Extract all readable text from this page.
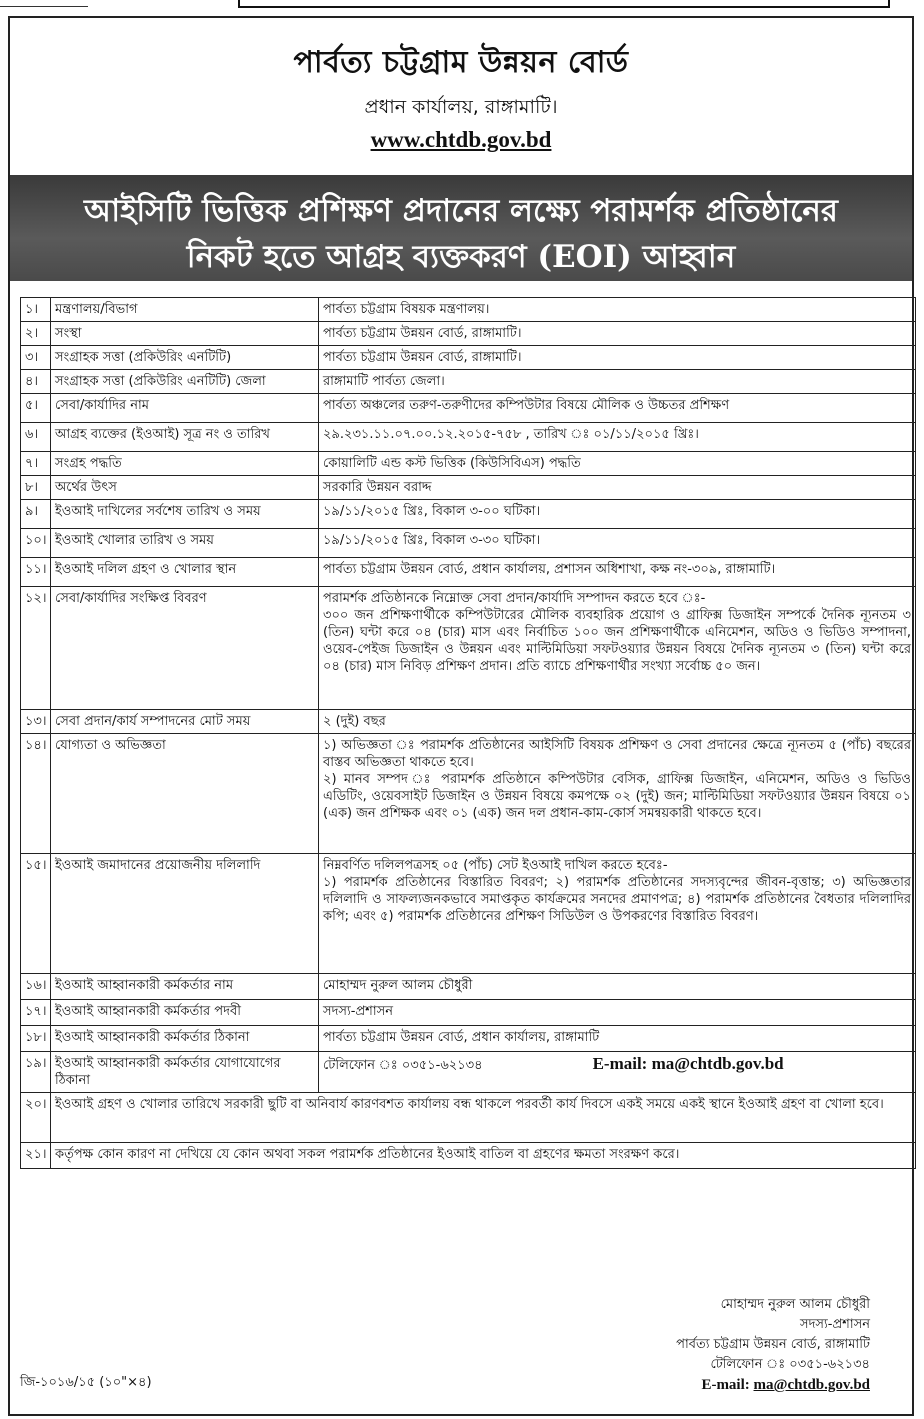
পার্বত্য চট্টগ্রাম উন্নয়ন বোর্ড
প্রধান কার্যালয়, রাঙ্গামাটি।
www.chtdb.gov.bd
আইসিটি ভিত্তিক প্রশিক্ষণ প্রদানের লক্ষ্যে পরামর্শক প্রতিষ্ঠানের
নিকট হতে আগ্রহ ব্যক্তকরণ (EOI) আহ্বান
১।	মন্ত্রণালয়/বিভাগ	পার্বত্য চট্টগ্রাম বিষয়ক মন্ত্রণালয়।

২।	সংস্থা	পার্বত্য চট্টগ্রাম উন্নয়ন বোর্ড, রাঙ্গামাটি।

৩।	সংগ্রাহক সত্তা (প্রকিউরিং এনটিটি)	পার্বত্য চট্টগ্রাম উন্নয়ন বোর্ড, রাঙ্গামাটি।

৪।	সংগ্রাহক সত্তা (প্রকিউরিং এনটিটি) জেলা	রাঙ্গামাটি পার্বত্য জেলা।

৫।	সেবা/কার্যাদির নাম	পার্বত্য অঞ্চলের তরুণ-তরুণীদের কম্পিউটার বিষয়ে মৌলিক ও উচ্চতর প্রশিক্ষণ

৬।	আগ্রহ ব্যক্তের (ইওআই) সূত্র নং ও তারিখ	২৯.২৩১.১১.০৭.০০.১২.২০১৫-৭৫৮ , তারিখ ঃ ০১/১১/২০১৫ খ্রিঃ।

৭।	সংগ্রহ পদ্ধতি	কোয়ালিটি এন্ড কস্ট ভিত্তিক (কিউসিবিএস) পদ্ধতি

৮।	অর্থের উৎস	সরকারি উন্নয়ন বরাদ্দ

৯।	ইওআই দাখিলের সর্বশেষ তারিখ ও সময়	১৯/১১/২০১৫ খ্রিঃ, বিকাল ৩-০০ ঘটিকা।

১০।	ইওআই খোলার তারিখ ও সময়	১৯/১১/২০১৫ খ্রিঃ, বিকাল ৩-৩০ ঘটিকা।

১১।	ইওআই দলিল গ্রহণ ও খোলার স্থান	পার্বত্য চট্টগ্রাম উন্নয়ন বোর্ড, প্রধান কার্যালয়, প্রশাসন অধিশাখা, কক্ষ নং-৩০৯, রাঙ্গামাটি।

১২।	সেবা/কার্যাদির সংক্ষিপ্ত বিবরণ	পরামর্শক প্রতিষ্ঠানকে নিম্নোক্ত সেবা প্রদান/কার্যাদি সম্পাদন করতে হবে ঃ-
৩০০ জন প্রশিক্ষণার্থীকে কম্পিউটারের মৌলিক ব্যবহারিক প্রয়োগ ও গ্রাফিক্স ডিজাইন সম্পর্কে দৈনিক ন্যূনতম ৩ (তিন) ঘন্টা করে ০৪ (চার) মাস এবং নির্বাচিত ১০০ জন প্রশিক্ষণার্থীকে এনিমেশন, অডিও ও ভিডিও সম্পাদনা, ওয়েব-পেইজ ডিজাইন ও উন্নয়ন এবং মাল্টিমিডিয়া সফটওয়্যার উন্নয়ন বিষয়ে দৈনিক ন্যূনতম ৩ (তিন) ঘন্টা করে ০৪ (চার) মাস নিবিড় প্রশিক্ষণ প্রদান। প্রতি ব্যাচে প্রশিক্ষণার্থীর সংখ্যা সর্বোচ্চ ৫০ জন।

১৩।	সেবা প্রদান/কার্য সম্পাদনের মোট সময়	২ (দুই) বছর

১৪।	যোগ্যতা ও অভিজ্ঞতা	১) অভিজ্ঞতা ঃ পরামর্শক প্রতিষ্ঠানের আইসিটি বিষয়ক প্রশিক্ষণ ও সেবা প্রদানের ক্ষেত্রে ন্যূনতম ৫ (পাঁচ) বছরের বাস্তব অভিজ্ঞতা থাকতে হবে।
২) মানব সম্পদ ঃ পরামর্শক প্রতিষ্ঠানে কম্পিউটার বেসিক, গ্রাফিক্স ডিজাইন, এনিমেশন, অডিও ও ভিডিও এডিটিং, ওয়েবসাইট ডিজাইন ও উন্নয়ন বিষয়ে কমপক্ষে ০২ (দুই) জন; মাল্টিমিডিয়া সফটওয়্যার উন্নয়ন বিষয়ে ০১ (এক) জন প্রশিক্ষক এবং ০১ (এক) জন দল প্রধান-কাম-কোর্স সমন্বয়কারী থাকতে হবে।

১৫।	ইওআই জমাদানের প্রয়োজনীয় দলিলাদি	নিম্নবর্ণিত দলিলপত্রসহ ০৫ (পাঁচ) সেট ইওআই দাখিল করতে হবেঃ-
১) পরামর্শক প্রতিষ্ঠানের বিস্তারিত বিবরণ; ২) পরামর্শক প্রতিষ্ঠানের সদস্যবৃন্দের জীবন-বৃত্তান্ত; ৩) অভিজ্ঞতার দলিলাদি ও সাফল্যজনকভাবে সমাপ্তকৃত কার্যক্রমের সনদের প্রমাণপত্র; ৪) পরামর্শক প্রতিষ্ঠানের বৈধতার দলিলাদির কপি; এবং ৫) পরামর্শক প্রতিষ্ঠানের প্রশিক্ষণ সিডিউল ও উপকরণের বিস্তারিত বিবরণ।

১৬।	ইওআই আহ্বানকারী কর্মকর্তার নাম	মোহাম্মদ নুরুল আলম চৌধুরী

১৭।	ইওআই আহ্বানকারী কর্মকর্তার পদবী	সদস্য-প্রশাসন

১৮।	ইওআই আহ্বানকারী কর্মকর্তার ঠিকানা	পার্বত্য চট্টগ্রাম উন্নয়ন বোর্ড, প্রধান কার্যালয়, রাঙ্গামাটি

১৯।	ইওআই আহ্বানকারী কর্মকর্তার যোগাযোগের ঠিকানা	টেলিফোন ঃ ০৩৫১-৬২১৩৪ E-mail: ma@chtdb.gov.bd
২০।	ইওআই গ্রহণ ও খোলার তারিখে সরকারী ছুটি বা অনিবার্য কারণবশত কার্যালয় বন্ধ থাকলে পরবর্তী কার্য দিবসে একই সময়ে একই স্থানে ইওআই গ্রহণ বা খোলা হবে।	
২১।	কর্তৃপক্ষ কোন কারণ না দেখিয়ে যে কোন অথবা সকল পরামর্শক প্রতিষ্ঠানের ইওআই বাতিল বা গ্রহণের ক্ষমতা সংরক্ষণ করে।	
মোহাম্মদ নুরুল আলম চৌধুরী
সদস্য-প্রশাসন
পার্বত্য চট্টগ্রাম উন্নয়ন বোর্ড, রাঙ্গামাটি
টেলিফোন ঃ ০৩৫১-৬২১৩৪
E-mail: ma@chtdb.gov.bd
জি-১০১৬/১৫ (১০"×৪)
